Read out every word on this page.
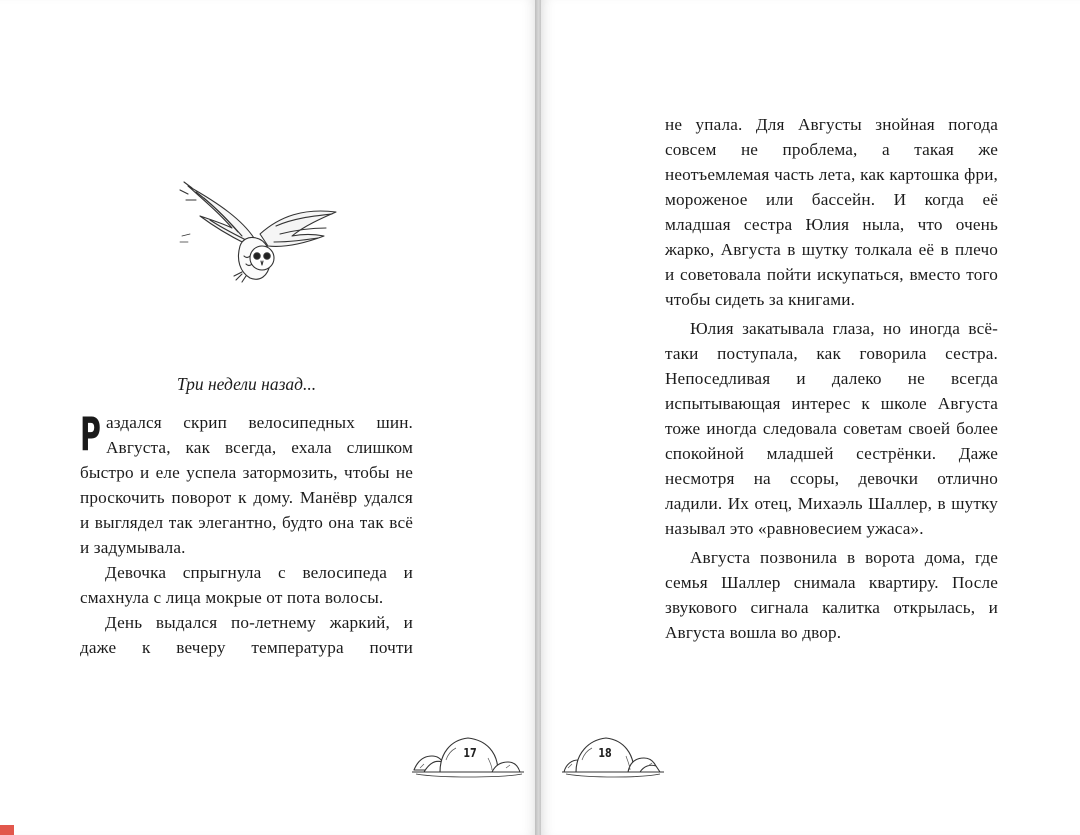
Три недели назад...

Раздался скрип велосипедных шин. Августа, как всегда, ехала слишком быстро и еле успела затормозить, чтобы не проскочить поворот к дому. Манёвр удался и выглядел так элегантно, будто она так всё и задумывала.

Девочка спрыгнула с велосипеда и смахнула с лица мокрые от пота волосы.

День выдался по-летнему жаркий, и даже к вечеру температура почти

17	18

не упала. Для Августы знойная погода совсем не проблема, а такая же неотъемлемая часть лета, как картошка фри, мороженое или бассейн. И когда её младшая сестра Юлия ныла, что очень жарко, Августа в шутку толкала её в плечо и советовала пойти искупаться, вместо того чтобы сидеть за книгами.

Юлия закатывала глаза, но иногда всё-таки поступала, как говорила сестра. Непоседливая и далеко не всегда испытывающая интерес к школе Августа тоже иногда следовала советам своей более спокойной младшей сестрёнки. Даже несмотря на ссоры, девочки отлично ладили. Их отец, Михаэль Шаллер, в шутку называл это «равновесием ужаса».

Августа позвонила в ворота дома, где семья Шаллер снимала квартиру. После звукового сигнала калитка открылась, и Августа вошла во двор.
